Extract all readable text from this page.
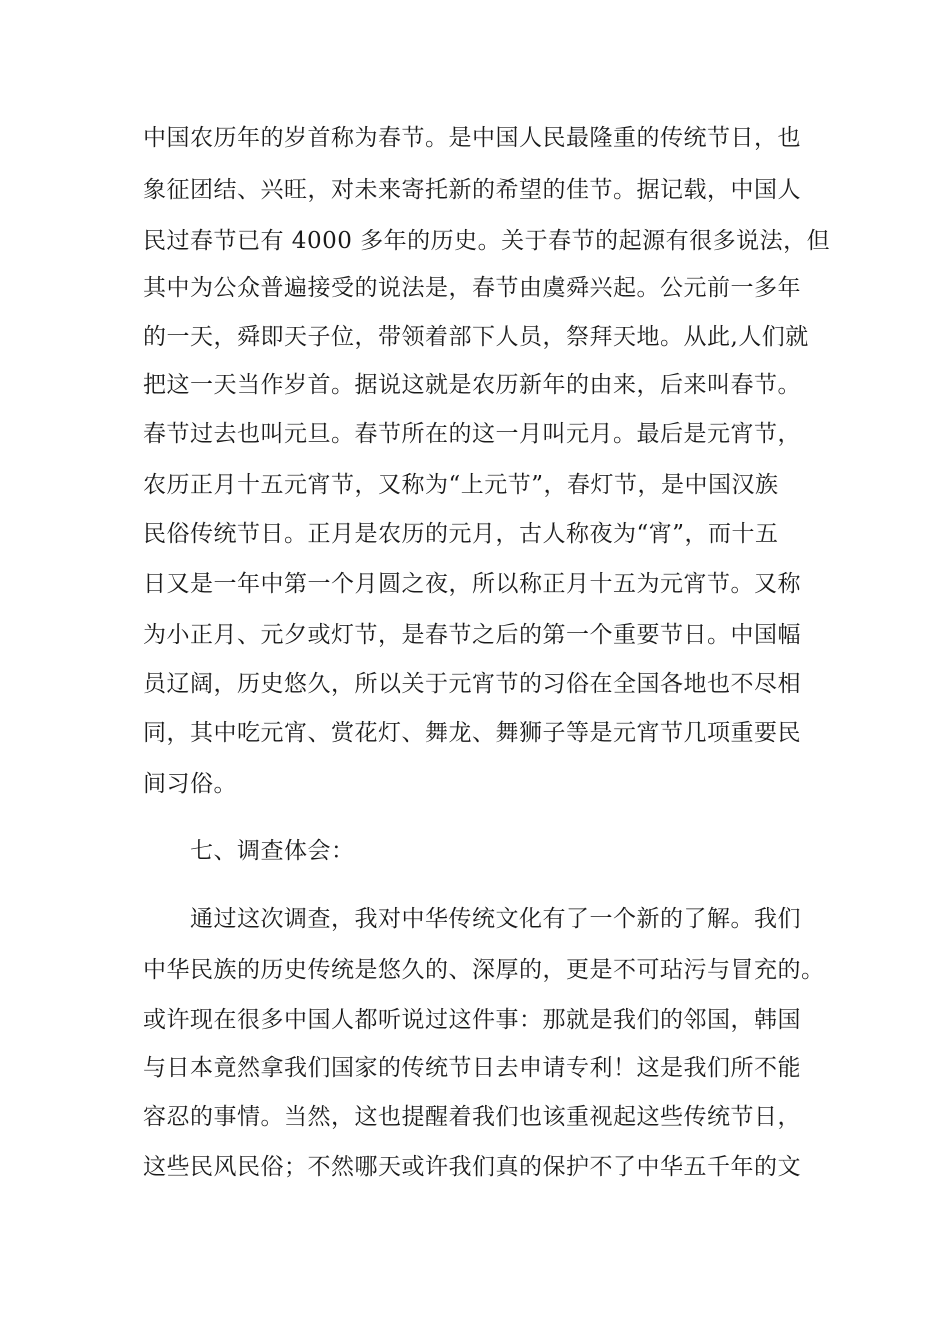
中国农历年的岁首称为春节。是中国人民最隆重的传统节日，也
象征团结、兴旺，对未来寄托新的希望的佳节。据记载，中国人
民过春节已有 4000 多年的历史。关于春节的起源有很多说法，但
其中为公众普遍接受的说法是，春节由虞舜兴起。公元前一多年
的一天，舜即天子位，带领着部下人员，祭拜天地。从此,人们就
把这一天当作岁首。据说这就是农历新年的由来，后来叫春节。
春节过去也叫元旦。春节所在的这一月叫元月。最后是元宵节，
农历正月十五元宵节，又称为“上元节”，春灯节，是中国汉族
民俗传统节日。正月是农历的元月，古人称夜为“宵”，而十五
日又是一年中第一个月圆之夜，所以称正月十五为元宵节。又称
为小正月、元夕或灯节，是春节之后的第一个重要节日。中国幅
员辽阔，历史悠久，所以关于元宵节的习俗在全国各地也不尽相
同，其中吃元宵、赏花灯、舞龙、舞狮子等是元宵节几项重要民
间习俗。
七、调查体会：
通过这次调查，我对中华传统文化有了一个新的了解。我们
中华民族的历史传统是悠久的、深厚的，更是不可玷污与冒充的。
或许现在很多中国人都听说过这件事：那就是我们的邻国，韩国
与日本竟然拿我们国家的传统节日去申请专利！这是我们所不能
容忍的事情。当然，这也提醒着我们也该重视起这些传统节日，
这些民风民俗；不然哪天或许我们真的保护不了中华五千年的文
